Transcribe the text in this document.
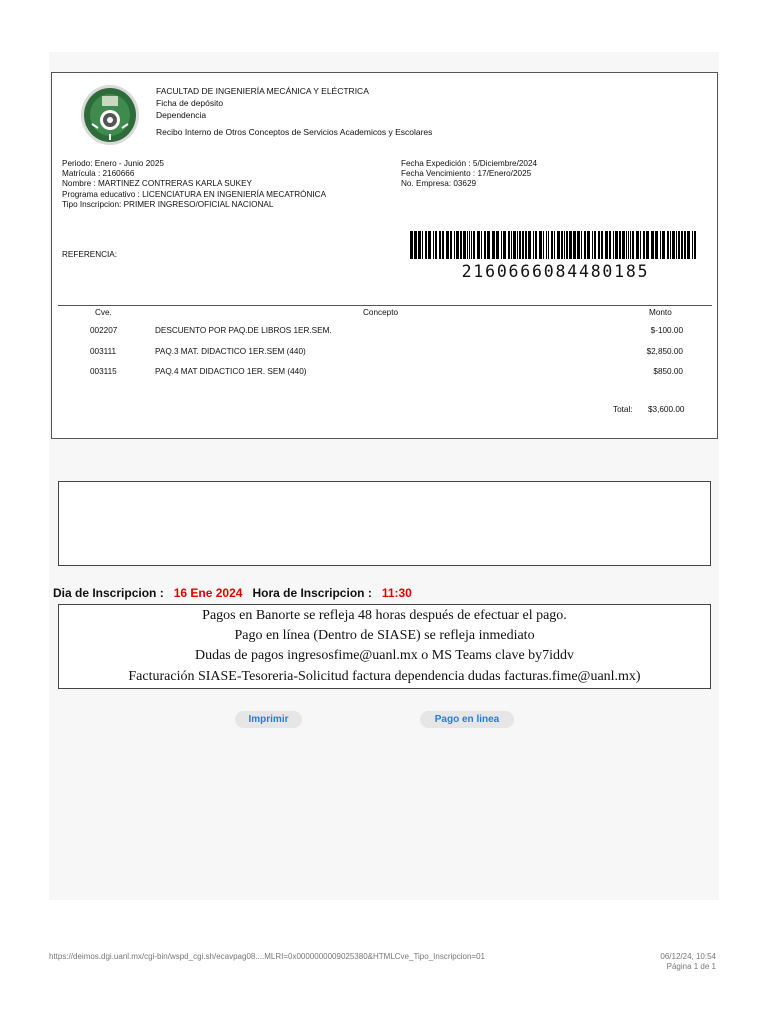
FACULTAD DE INGENIERÍA MECÁNICA Y ELÉCTRICA
Ficha de depósito
Dependencia
Recibo Interno de Otros Conceptos de Servicios Academicos y Escolares
Periodo: Enero - Junio 2025
Matrícula : 2160666
Nombre : MARTINEZ CONTRERAS KARLA SUKEY
Programa educativo : LICENCIATURA EN INGENIERÍA MECATRÓNICA
Tipo Inscripcion: PRIMER INGRESO/OFICIAL NACIONAL
Fecha Expedición : 5/Diciembre/2024
Fecha Vencimiento : 17/Enero/2025
No. Empresa: 03629
REFERENCIA:
2160666084480185
Cve.	Concepto	Monto
002207	DESCUENTO POR PAQ.DE LIBROS 1ER.SEM.	$-100.00
003111	PAQ.3 MAT. DIDACTICO 1ER.SEM (440)	$2,850.00
003115	PAQ.4 MAT DIDACTICO 1ER. SEM (440)	$850.00
Total: $3,600.00
Dia de Inscripcion : 16 Ene 2024 Hora de Inscripcion : 11:30
Pagos en Banorte se refleja 48 horas después de efectuar el pago.
Pago en línea (Dentro de SIASE) se refleja inmediato
Dudas de pagos ingresosfime@uanl.mx o MS Teams clave by7iddv
Facturación SIASE-Tesoreria-Solicitud factura dependencia dudas facturas.fime@uanl.mx)
Imprimir	Pago en linea
https://deimos.dgi.uanl.mx/cgi-bin/wspd_cgi.sh/ecavpag08....MLRI=0x0000000009025380&HTMLCve_Tipo_Inscripcion=01	06/12/24, 10:54
Página 1 de 1
